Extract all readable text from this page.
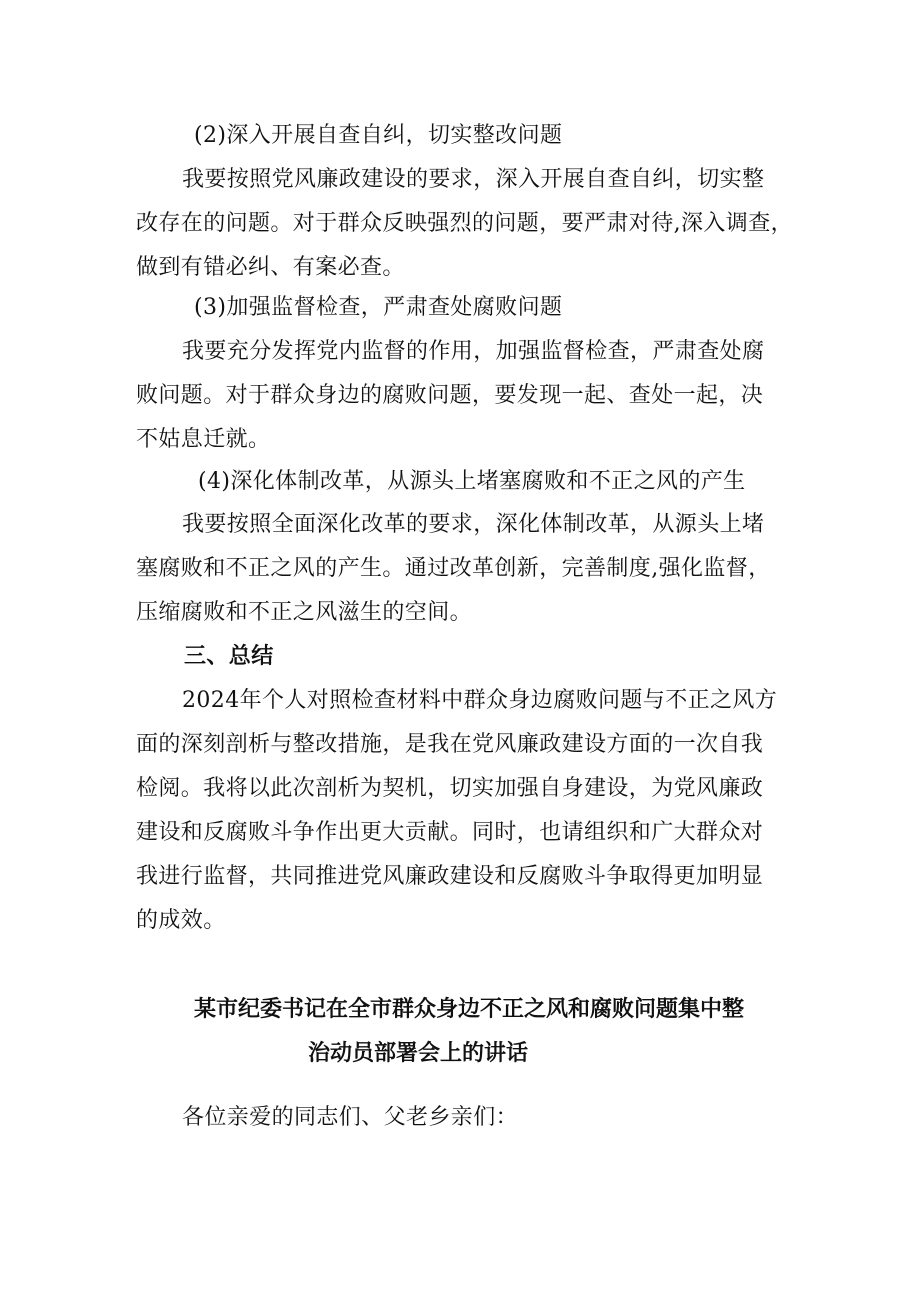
(2)深入开展自查自纠，切实整改问题
我要按照党风廉政建设的要求，深入开展自查自纠，切实整
改存在的问题。对于群众反映强烈的问题，要严肃对待,深入调查，
做到有错必纠、有案必查。
(3)加强监督检查，严肃查处腐败问题
我要充分发挥党内监督的作用，加强监督检查，严肃查处腐
败问题。对于群众身边的腐败问题，要发现一起、查处一起，决
不姑息迁就。
(4)深化体制改革，从源头上堵塞腐败和不正之风的产生
我要按照全面深化改革的要求，深化体制改革，从源头上堵
塞腐败和不正之风的产生。通过改革创新，完善制度,强化监督，
压缩腐败和不正之风滋生的空间。
三、总结
2024年个人对照检查材料中群众身边腐败问题与不正之风方
面的深刻剖析与整改措施，是我在党风廉政建设方面的一次自我
检阅。我将以此次剖析为契机，切实加强自身建设，为党风廉政
建设和反腐败斗争作出更大贡献。同时，也请组织和广大群众对
我进行监督，共同推进党风廉政建设和反腐败斗争取得更加明显
的成效。
某市纪委书记在全市群众身边不正之风和腐败问题集中整
治动员部署会上的讲话
各位亲爱的同志们、父老乡亲们：
